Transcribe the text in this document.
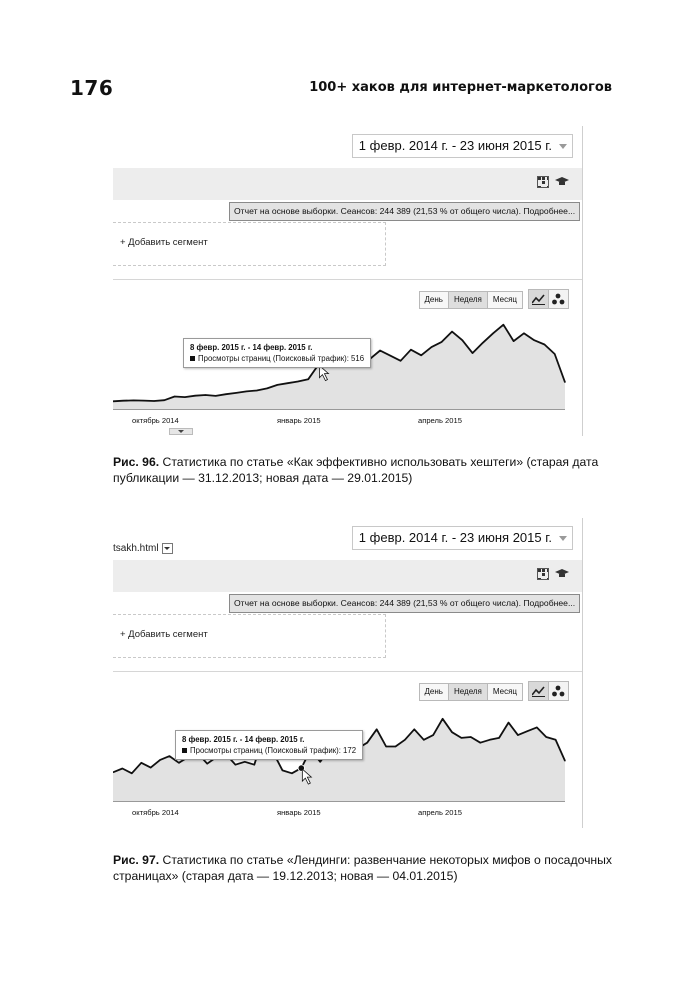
176	100+ хаков для интернет-маркетологов
1 февр. 2014 г. - 23 июня 2015 г.
Отчет на основе выборки. Сеансов: 244 389 (21,53 % от общего числа). Подробнее...
+ Добавить сегмент
День	Неделя	Месяц
8 февр. 2015 г. - 14 февр. 2015 г.
Просмотры страниц (Поисковый трафик): 516
октябрь 2014	январь 2015	апрель 2015
Рис. 96. Статистика по статье «Как эффективно использовать хештеги» (старая дата публикации — 31.12.2013; новая дата — 29.01.2015)
1 февр. 2014 г. - 23 июня 2015 г.
tsakh.html
Отчет на основе выборки. Сеансов: 244 389 (21,53 % от общего числа). Подробнее...
+ Добавить сегмент
День	Неделя	Месяц
8 февр. 2015 г. - 14 февр. 2015 г.
Просмотры страниц (Поисковый трафик): 172
октябрь 2014	январь 2015	апрель 2015
Рис. 97. Статистика по статье «Лендинги: развенчание некоторых мифов о посадочных страницах» (старая дата — 19.12.2013; новая — 04.01.2015)
